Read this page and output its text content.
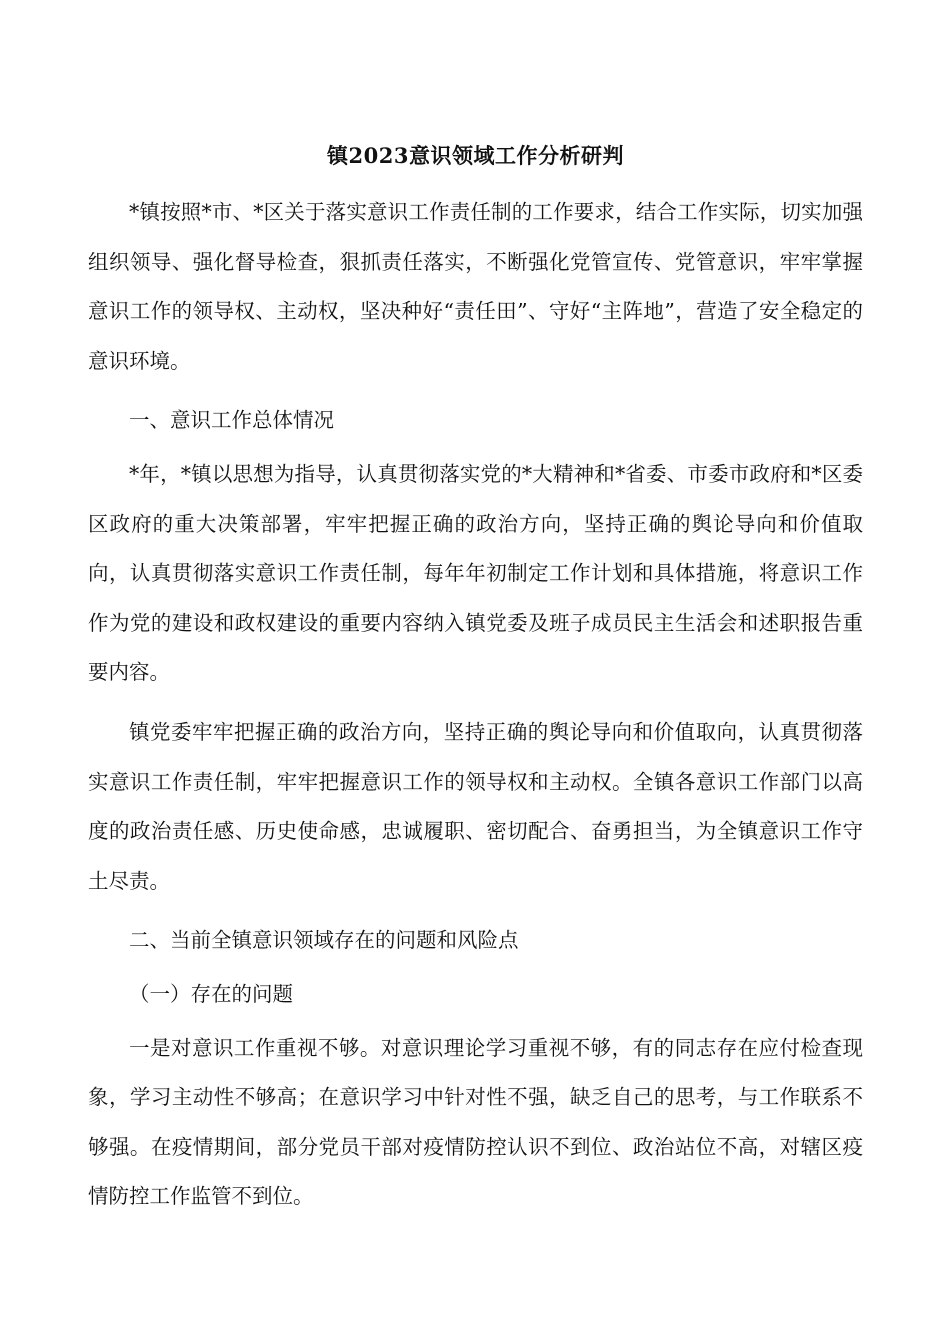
镇2023意识领域工作分析研判

*镇按照*市、*区关于落实意识工作责任制的工作要求，结合工作实际，切实加强组织领导、强化督导检查，狠抓责任落实，不断强化党管宣传、党管意识，牢牢掌握意识工作的领导权、主动权，坚决种好“责任田”、守好“主阵地”，营造了安全稳定的意识环境。

一、意识工作总体情况

*年，*镇以思想为指导，认真贯彻落实党的*大精神和*省委、市委市政府和*区委区政府的重大决策部署，牢牢把握正确的政治方向，坚持正确的舆论导向和价值取向，认真贯彻落实意识工作责任制，每年年初制定工作计划和具体措施，将意识工作作为党的建设和政权建设的重要内容纳入镇党委及班子成员民主生活会和述职报告重要内容。

镇党委牢牢把握正确的政治方向，坚持正确的舆论导向和价值取向，认真贯彻落实意识工作责任制，牢牢把握意识工作的领导权和主动权。全镇各意识工作部门以高度的政治责任感、历史使命感，忠诚履职、密切配合、奋勇担当，为全镇意识工作守土尽责。

二、当前全镇意识领域存在的问题和风险点

（一）存在的问题

一是对意识工作重视不够。对意识理论学习重视不够，有的同志存在应付检查现象，学习主动性不够高；在意识学习中针对性不强，缺乏自己的思考，与工作联系不够强。在疫情期间，部分党员干部对疫情防控认识不到位、政治站位不高，对辖区疫情防控工作监管不到位。
